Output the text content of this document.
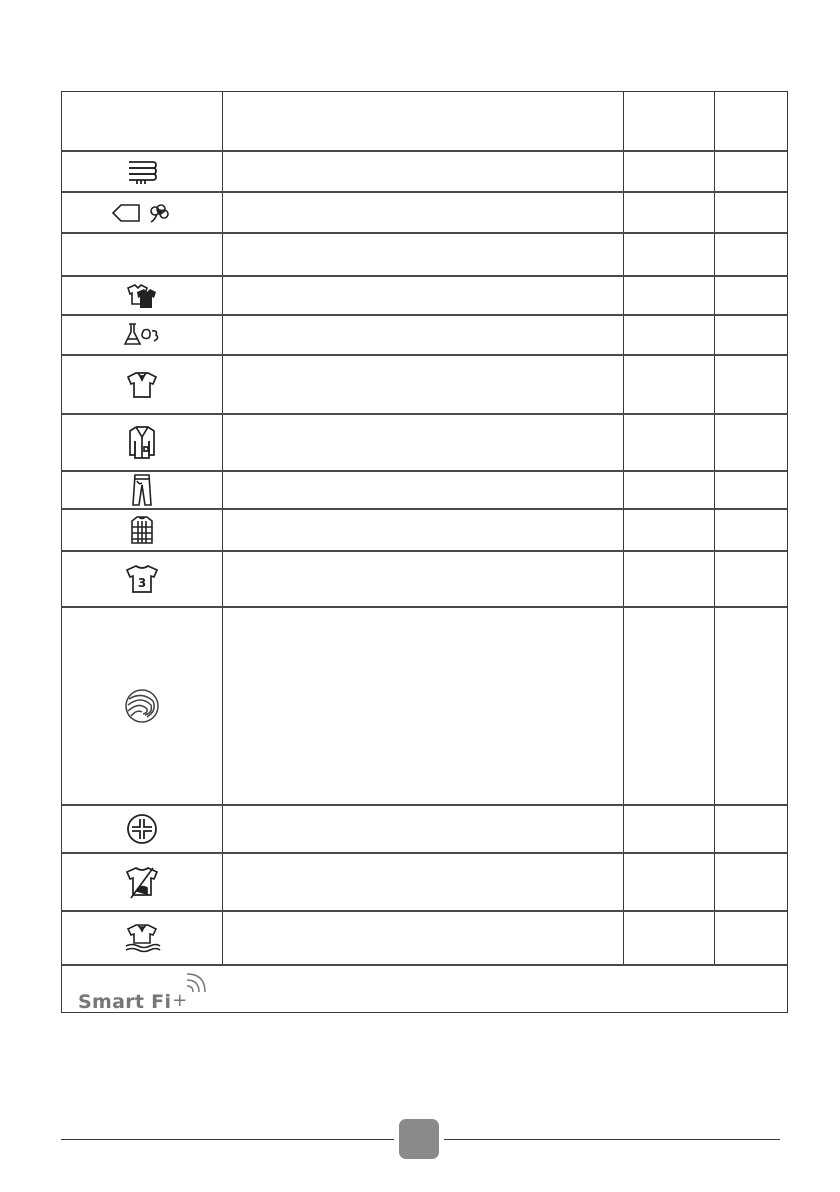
3
Smart Fi +
